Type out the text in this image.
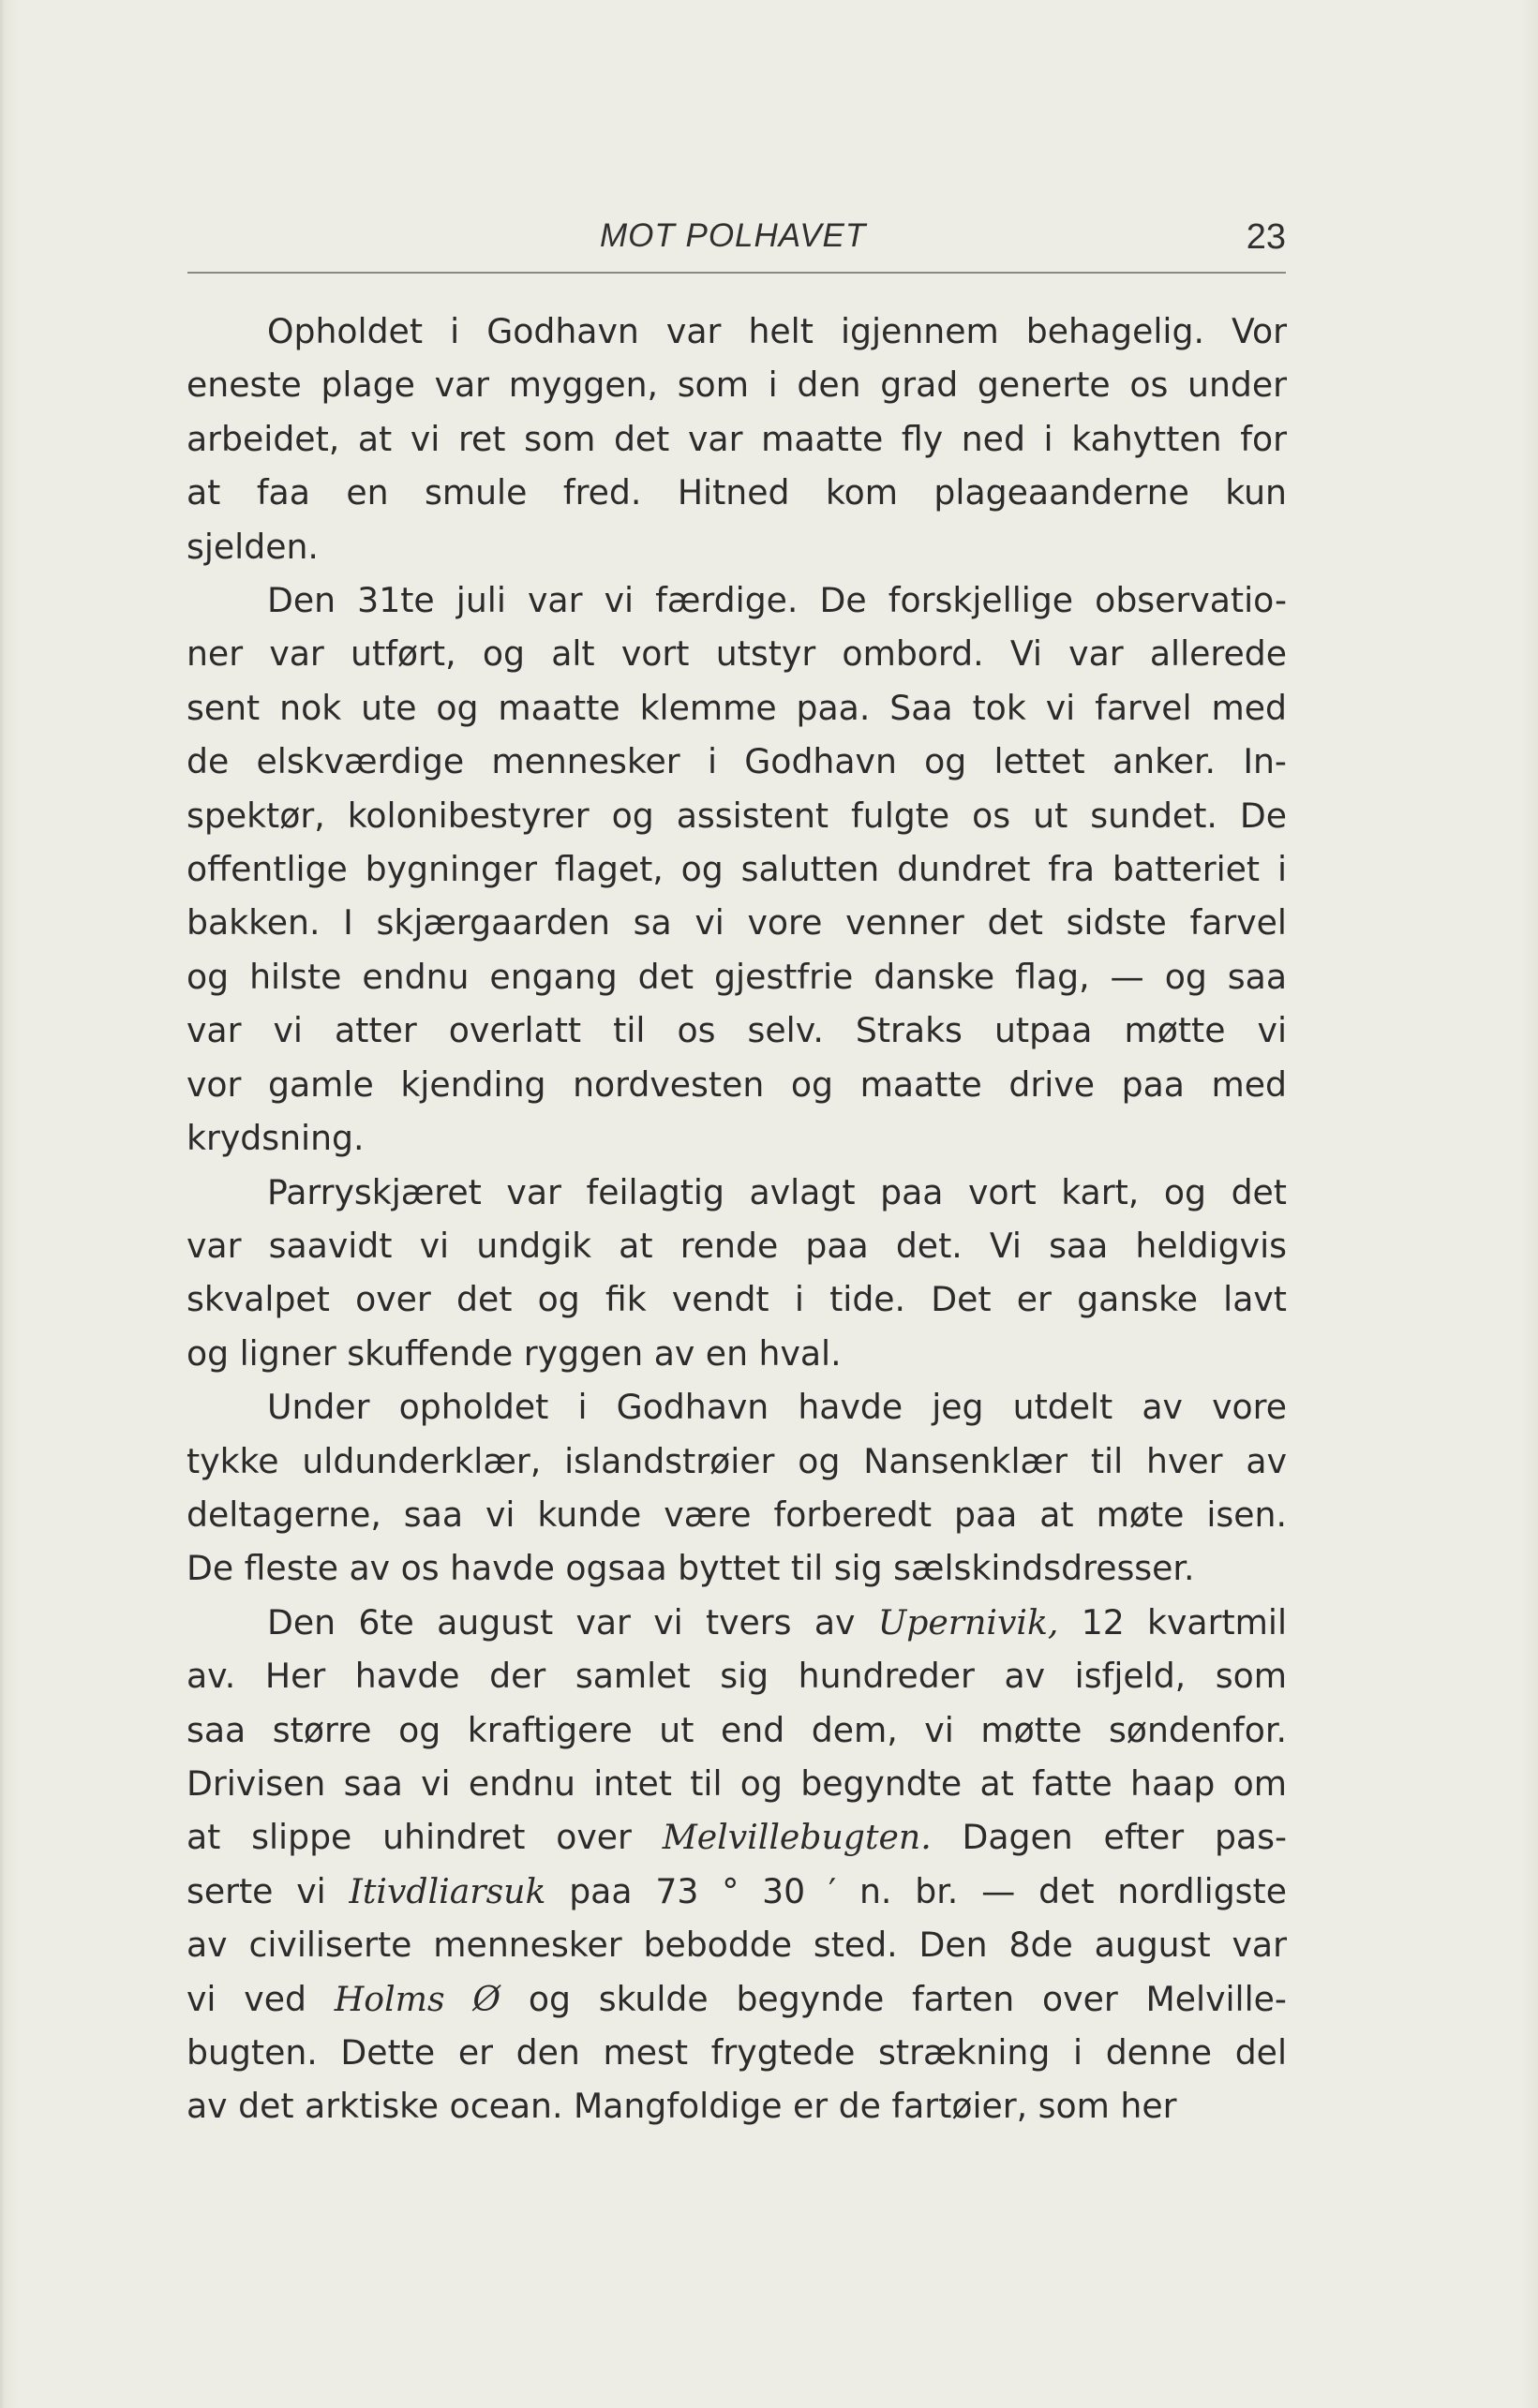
MOT POLHAVET	23

Opholdet i Godhavn var helt igjennem behagelig. Vor
eneste plage var myggen, som i den grad generte os under
arbeidet, at vi ret som det var maatte fly ned i kahytten for
at faa en smule fred. Hitned kom plageaanderne kun
sjelden.

Den 31te juli var vi færdige. De forskjellige observatio-
ner var utført, og alt vort utstyr ombord. Vi var allerede
sent nok ute og maatte klemme paa. Saa tok vi farvel med
de elskværdige mennesker i Godhavn og lettet anker. In-
spektør, kolonibestyrer og assistent fulgte os ut sundet. De
offentlige bygninger flaget, og salutten dundret fra batteriet i
bakken. I skjærgaarden sa vi vore venner det sidste farvel
og hilste endnu engang det gjestfrie danske flag, — og saa
var vi atter overlatt til os selv. Straks utpaa møtte vi
vor gamle kjending nordvesten og maatte drive paa med
krydsning.

Parryskjæret var feilagtig avlagt paa vort kart, og det
var saavidt vi undgik at rende paa det. Vi saa heldigvis
skvalpet over det og fik vendt i tide. Det er ganske lavt
og ligner skuffende ryggen av en hval.

Under opholdet i Godhavn havde jeg utdelt av vore
tykke uldunderklær, islandstrøier og Nansenklær til hver av
deltagerne, saa vi kunde være forberedt paa at møte isen.
De fleste av os havde ogsaa byttet til sig sælskindsdresser.

Den 6te august var vi tvers av Upernivik, 12 kvartmil
av. Her havde der samlet sig hundreder av isfjeld, som
saa større og kraftigere ut end dem, vi møtte søndenfor.
Drivisen saa vi endnu intet til og begyndte at fatte haap om
at slippe uhindret over Melvillebugten. Dagen efter pas-
serte vi Itivdliarsuk paa 73 ° 30 ′ n. br. — det nordligste
av civiliserte mennesker bebodde sted. Den 8de august var
vi ved Holms Ø og skulde begynde farten over Melville-
bugten. Dette er den mest frygtede strækning i denne del
av det arktiske ocean. Mangfoldige er de fartøier, som her
